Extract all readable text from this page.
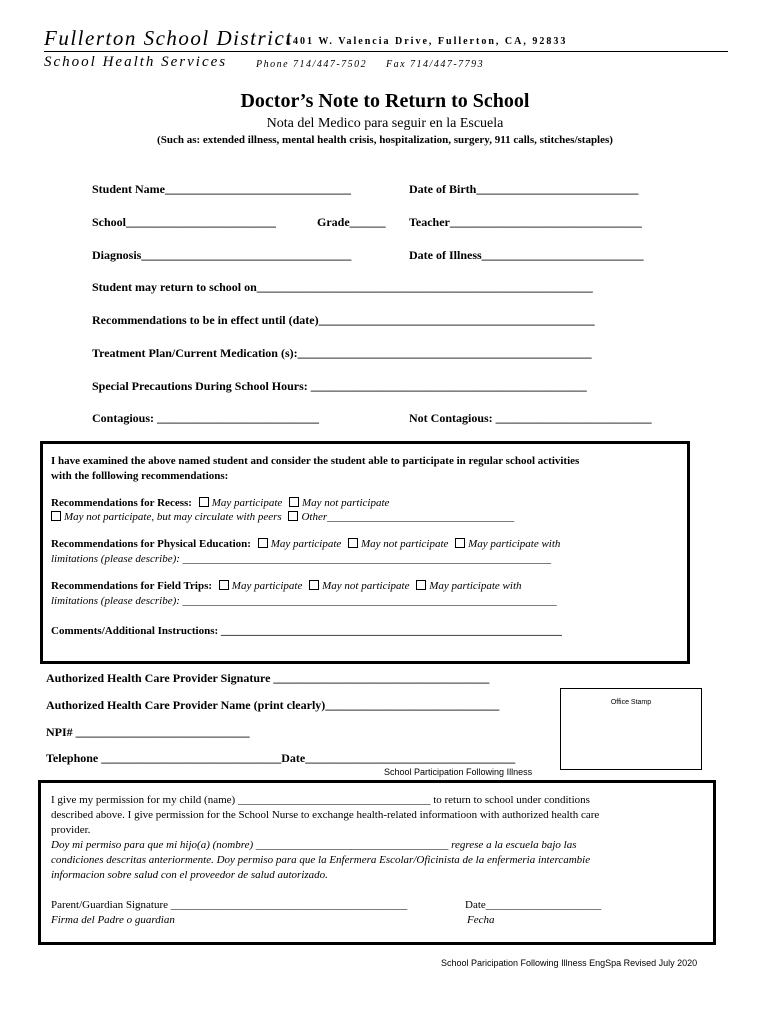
Fullerton School District
1401 W. Valencia Drive, Fullerton, CA, 92833
School Health Services	Phone 714/447-7502 Fax 714/447-7793
Doctor’s Note to Return to School
Nota del Medico para seguir en la Escuela
(Such as: extended illness, mental health crisis, hospitalization, surgery, 911 calls, stitches/staples)
Student Name_______________________________	Date of Birth___________________________
School_________________________	Grade______ Teacher________________________________
Diagnosis___________________________________	Date of Illness___________________________
Student may return to school on________________________________________________________
Recommendations to be in effect until (date)______________________________________________
Treatment Plan/Current Medication (s):_________________________________________________
Special Precautions During School Hours: ______________________________________________
Contagious: ___________________________	Not Contagious: __________________________
I have examined the above named student and consider the student able to participate in regular school activities
with the folllowing recommendations:
Recommendations for Recess: May participate May not participate
May not participate, but may circulate with peers Other__________________________________
Recommendations for Physical Education: May participate May not participate May participate with
limitations (please describe): ___________________________________________________________________
Recommendations for Field Trips: May participate May not participate May participate with
limitations (please describe): ____________________________________________________________________
Comments/Additional Instructions: ______________________________________________________________
Authorized Health Care Provider Signature ____________________________________
Authorized Health Care Provider Name (print clearly)_____________________________	Office Stamp
NPI# _____________________________
Telephone ______________________________Date___________________________________
School Participation Following Illness
I give my permission for my child (name) ___________________________________ to return to school under conditions
described above. I give permission for the School Nurse to exchange health-related informatioon with authorized health care
provider.
Doy mi permiso para que mi hijo(a) (nombre) ___________________________________ regrese a la escuela bajo las
condiciones descritas anteriormente. Doy permiso para que la Enfermera Escolar/Oficinista de la enfermeria intercambie
informacion sobre salud con el proveedor de salud autorizado.
Parent/Guardian Signature ___________________________________________	Date_____________________
Firma del Padre o guardian	Fecha
School Paricipation Following Illness EngSpa Revised July 2020
